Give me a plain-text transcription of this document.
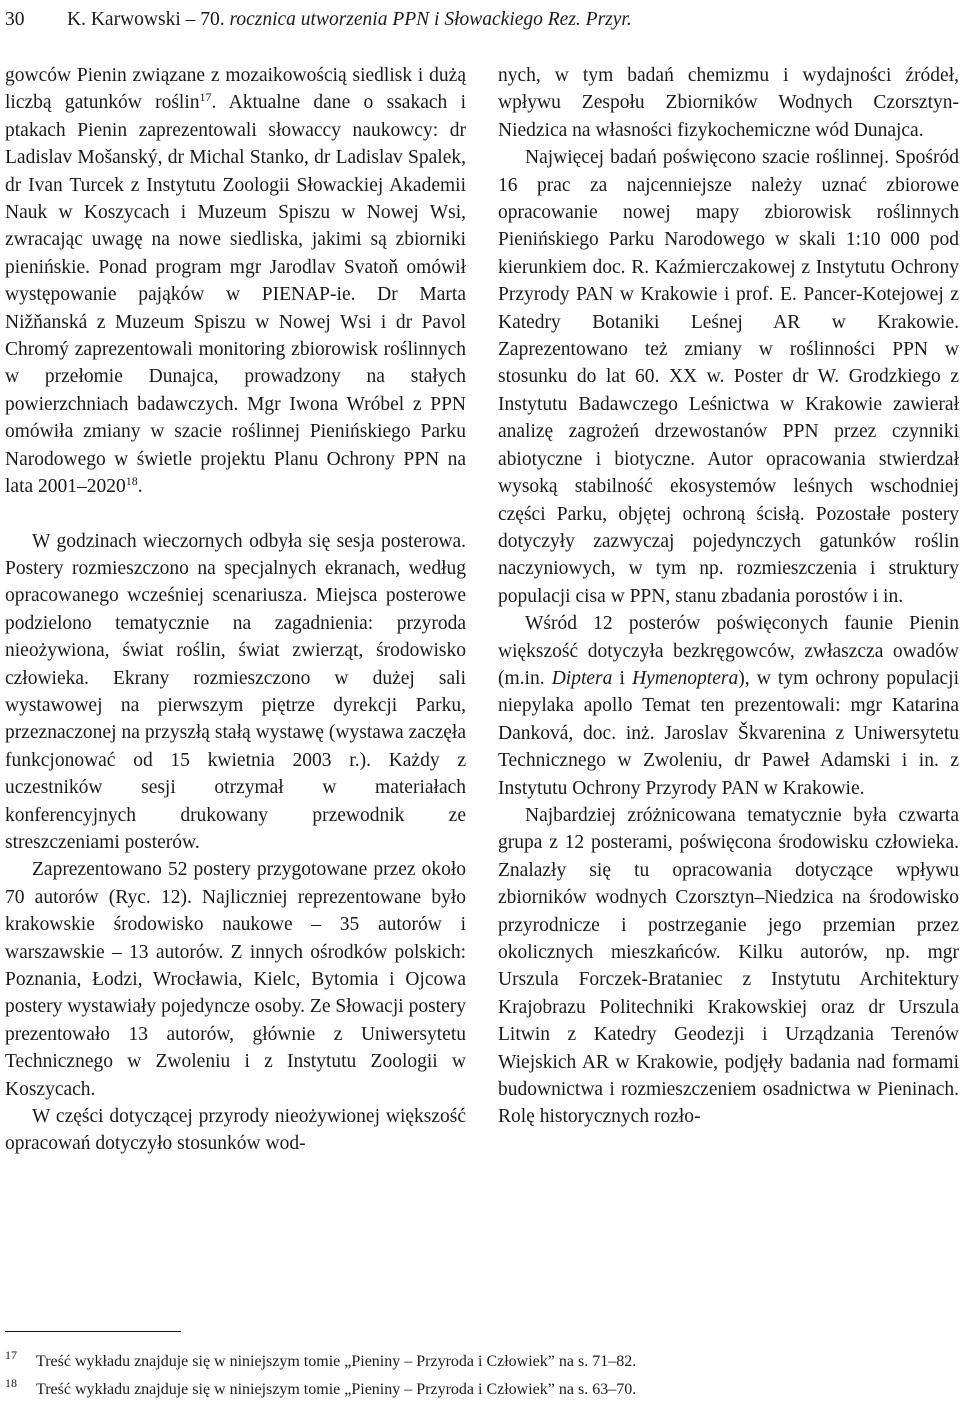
30 K. Karwowski – 70. rocznica utworzenia PPN i Słowackiego Rez. Przyr.

gowców Pienin związane z mozaikowością siedlisk i dużą liczbą gatunków roślin$^{17}$. Aktualne dane o ssakach i ptakach Pienin zaprezentowali słowaccy naukowcy: dr Ladislav Mošanský, dr Michal Stanko, dr Ladislav Spalek, dr Ivan Turcek z Instytutu Zoologii Słowackiej Akademii Nauk w Koszycach i Muzeum Spiszu w Nowej Wsi, zwracając uwagę na nowe siedliska, jakimi są zbiorniki pienińskie. Ponad program mgr Jarodlav Svatoň omówił występowanie pająków w PIENAP-ie. Dr Marta Nižňanská z Muzeum Spiszu w Nowej Wsi i dr Pavol Chromý zaprezentowali monitoring zbiorowisk roślinnych w przełomie Dunajca, prowadzony na stałych powierzchniach badawczych. Mgr Iwona Wróbel z PPN omówiła zmiany w szacie roślinnej Pienińskiego Parku Narodowego w świetle projektu Planu Ochrony PPN na lata 2001–2020$^{18}$.

W godzinach wieczornych odbyła się sesja posterowa. Postery rozmieszczono na specjalnych ekranach, według opracowanego wcześniej scenariusza. Miejsca posterowe podzielono tematycznie na zagadnienia: przyroda nieożywiona, świat roślin, świat zwierząt, środowisko człowieka. Ekrany rozmieszczono w dużej sali wystawowej na pierwszym piętrze dyrekcji Parku, przeznaczonej na przyszłą stałą wystawę (wystawa zaczęła funkcjonować od 15 kwietnia 2003 r.). Każdy z uczestników sesji otrzymał w materiałach konferencyjnych drukowany przewodnik ze streszczeniami posterów.

Zaprezentowano 52 postery przygotowane przez około 70 autorów (Ryc. 12). Najliczniej reprezentowane było krakowskie środowisko naukowe – 35 autorów i warszawskie – 13 autorów. Z innych ośrodków polskich: Poznania, Łodzi, Wrocławia, Kielc, Bytomia i Ojcowa postery wystawiały pojedyncze osoby. Ze Słowacji postery prezentowało 13 autorów, głównie z Uniwersytetu Technicznego w Zwoleniu i z Instytutu Zoologii w Koszycach.

W części dotyczącej przyrody nieożywionej większość opracowań dotyczyło stosunków wod-

nych, w tym badań chemizmu i wydajności źródeł, wpływu Zespołu Zbiorników Wodnych Czorsztyn-Niedzica na własności fizykochemiczne wód Dunajca.

Najwięcej badań poświęcono szacie roślinnej. Spośród 16 prac za najcenniejsze należy uznać zbiorowe opracowanie nowej mapy zbiorowisk roślinnych Pienińskiego Parku Narodowego w skali 1:10 000 pod kierunkiem doc. R. Kaźmierczakowej z Instytutu Ochrony Przyrody PAN w Krakowie i prof. E. Pancer-Kotejowej z Katedry Botaniki Leśnej AR w Krakowie. Zaprezentowano też zmiany w roślinności PPN w stosunku do lat 60. XX w. Poster dr W. Grodzkiego z Instytutu Badawczego Leśnictwa w Krakowie zawierał analizę zagrożeń drzewostanów PPN przez czynniki abiotyczne i biotyczne. Autor opracowania stwierdzał wysoką stabilność ekosystemów leśnych wschodniej części Parku, objętej ochroną ścisłą. Pozostałe postery dotyczyły zazwyczaj pojedynczych gatunków roślin naczyniowych, w tym np. rozmieszczenia i struktury populacji cisa w PPN, stanu zbadania porostów i in.

Wśród 12 posterów poświęconych faunie Pienin większość dotyczyła bezkręgowców, zwłaszcza owadów (m.in. Diptera i Hymenoptera), w tym ochrony populacji niepylaka apollo Temat ten prezentowali: mgr Katarina Danková, doc. inż. Jaroslav Škvarenina z Uniwersytetu Technicznego w Zwoleniu, dr Paweł Adamski i in. z Instytutu Ochrony Przyrody PAN w Krakowie.

Najbardziej zróżnicowana tematycznie była czwarta grupa z 12 posterami, poświęcona środowisku człowieka. Znalazły się tu opracowania dotyczące wpływu zbiorników wodnych Czorsztyn–Niedzica na środowisko przyrodnicze i postrzeganie jego przemian przez okolicznych mieszkańców. Kilku autorów, np. mgr Urszula Forczek-Brataniec z Instytutu Architektury Krajobrazu Politechniki Krakowskiej oraz dr Urszula Litwin z Katedry Geodezji i Urządzania Terenów Wiejskich AR w Krakowie, podjęły badania nad formami budownictwa i rozmieszczeniem osadnictwa w Pieninach. Rolę historycznych rozło-

17 Treść wykładu znajduje się w niniejszym tomie „Pieniny – Przyroda i Człowiek” na s. 71–82.
18 Treść wykładu znajduje się w niniejszym tomie „Pieniny – Przyroda i Człowiek” na s. 63–70.
